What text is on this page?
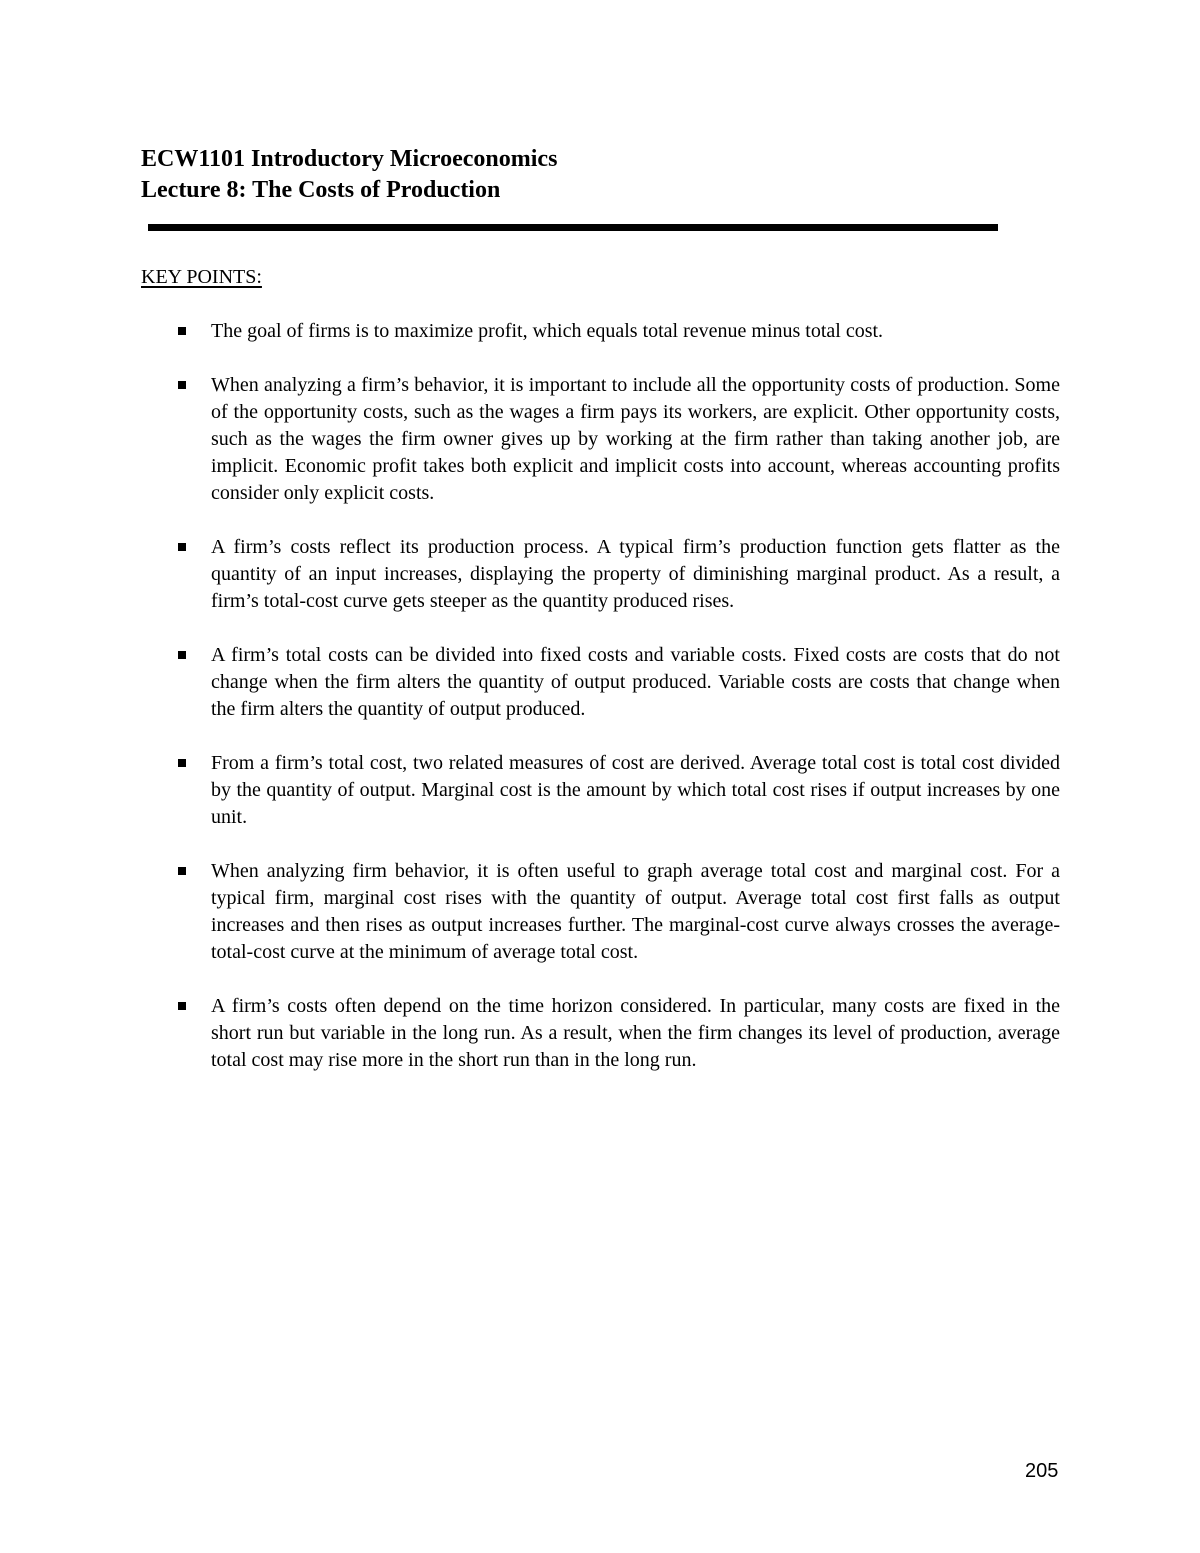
ECW1101 Introductory Microeconomics
Lecture 8: The Costs of Production
KEY POINTS:
The goal of firms is to maximize profit, which equals total revenue minus total cost.
When analyzing a firm’s behavior, it is important to include all the opportunity costs of production. Some of the opportunity costs, such as the wages a firm pays its workers, are explicit. Other opportunity costs, such as the wages the firm owner gives up by working at the firm rather than taking another job, are implicit. Economic profit takes both explicit and implicit costs into account, whereas accounting profits consider only explicit costs.
A firm’s costs reflect its production process. A typical firm’s production function gets flatter as the quantity of an input increases, displaying the property of diminishing marginal product. As a result, a firm’s total-cost curve gets steeper as the quantity produced rises.
A firm’s total costs can be divided into fixed costs and variable costs. Fixed costs are costs that do not change when the firm alters the quantity of output produced. Variable costs are costs that change when the firm alters the quantity of output produced.
From a firm’s total cost, two related measures of cost are derived. Average total cost is total cost divided by the quantity of output. Marginal cost is the amount by which total cost rises if output increases by one unit.
When analyzing firm behavior, it is often useful to graph average total cost and marginal cost. For a typical firm, marginal cost rises with the quantity of output. Average total cost first falls as output increases and then rises as output increases further. The marginal-cost curve always crosses the average-total-cost curve at the minimum of average total cost.
A firm’s costs often depend on the time horizon considered. In particular, many costs are fixed in the short run but variable in the long run. As a result, when the firm changes its level of production, average total cost may rise more in the short run than in the long run.
205
